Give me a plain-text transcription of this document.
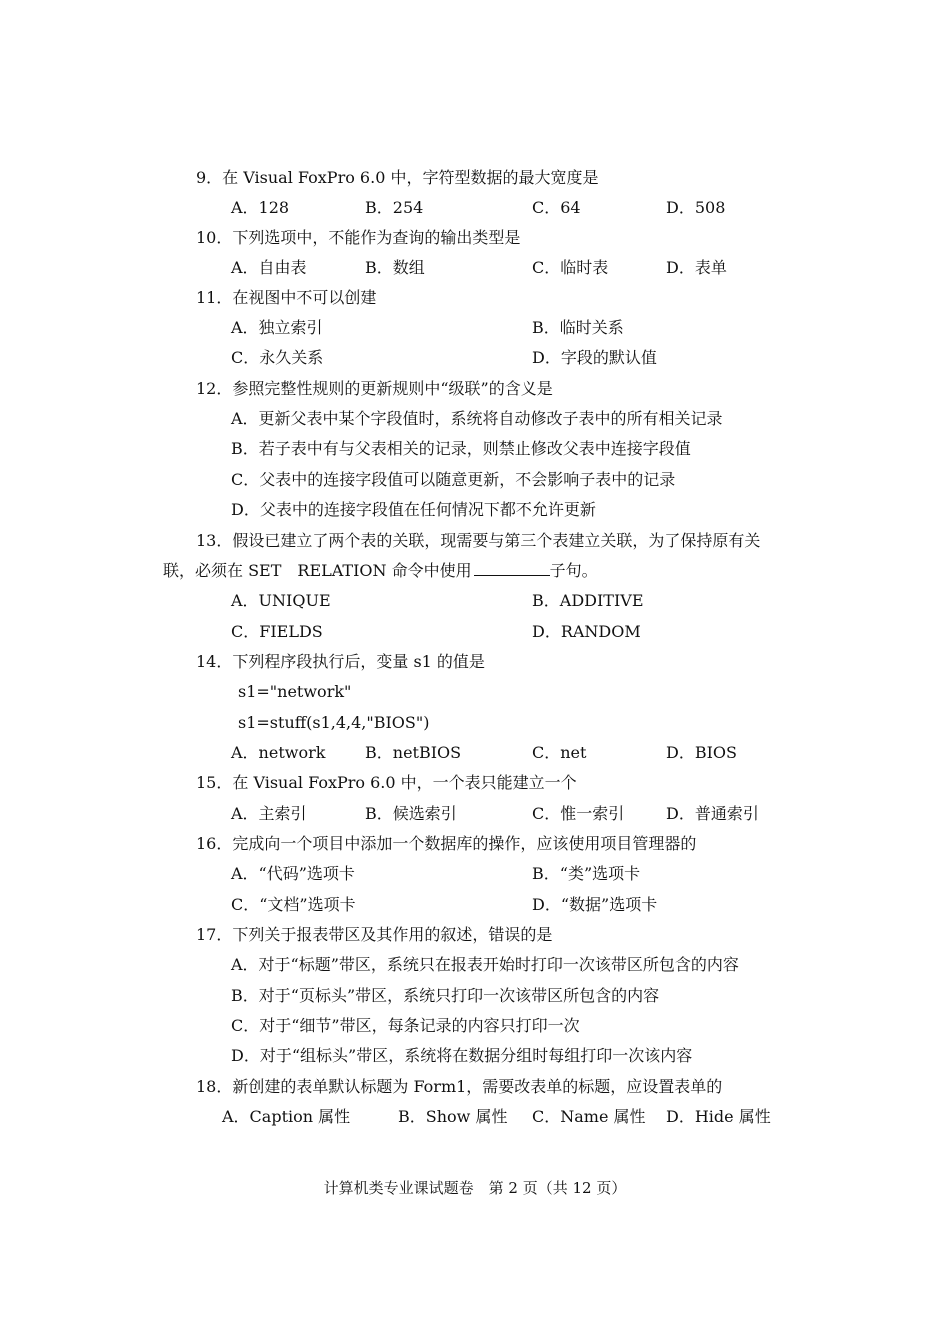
9．在 Visual FoxPro 6.0 中，字符型数据的最大宽度是
A．128	B．254	C．64	D．508
10．下列选项中，不能作为查询的输出类型是
A．自由表	B．数组	C．临时表	D．表单
11．在视图中不可以创建
A．独立索引	B．临时关系
C．永久关系	D．字段的默认值
12．参照完整性规则的更新规则中“级联”的含义是
A．更新父表中某个字段值时，系统将自动修改子表中的所有相关记录
B．若子表中有与父表相关的记录，则禁止修改父表中连接字段值
C．父表中的连接字段值可以随意更新，不会影响子表中的记录
D．父表中的连接字段值在任何情况下都不允许更新
13．假设已建立了两个表的关联，现需要与第三个表建立关联，为了保持原有关
联，必须在 SET　RELATION 命令中使用	子句。
A．UNIQUE	B．ADDITIVE
C．FIELDS	D．RANDOM
14．下列程序段执行后，变量 s1 的值是
s1="network"
s1=stuff(s1,4,4,"BIOS")
A．network B．netBIOS	C．net	D．BIOS
15．在 Visual FoxPro 6.0 中，一个表只能建立一个
A．主索引	B．候选索引	C．惟一索引	D．普通索引
16．完成向一个项目中添加一个数据库的操作，应该使用项目管理器的
A．“代码”选项卡	B．“类”选项卡
C．“文档”选项卡	D．“数据”选项卡
17．下列关于报表带区及其作用的叙述，错误的是
A．对于“标题”带区，系统只在报表开始时打印一次该带区所包含的内容
B．对于“页标头”带区，系统只打印一次该带区所包含的内容
C．对于“细节”带区，每条记录的内容只打印一次
D．对于“组标头”带区，系统将在数据分组时每组打印一次该内容
18．新创建的表单默认标题为 Form1，需要改表单的标题，应设置表单的
A．Caption 属性	B．Show 属性 C．Name 属性 D．Hide 属性
计算机类专业课试题卷　第 2 页（共 12 页）
